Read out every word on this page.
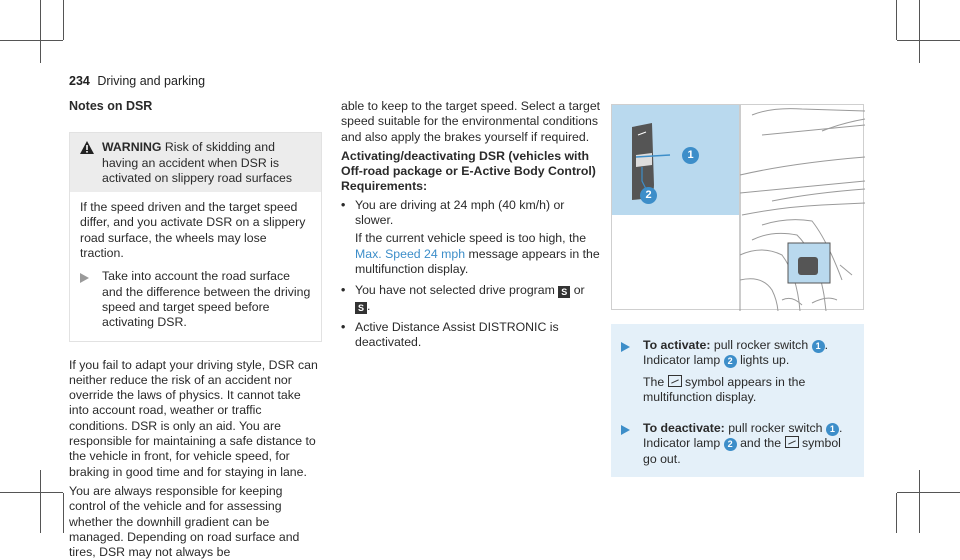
234 Driving and parking
Notes on DSR
WARNING Risk of skidding and having an accident when DSR is activated on slippery road surfaces

If the speed driven and the target speed differ, and you activate DSR on a slippery road surface, the wheels may lose traction.

Take into account the road surface and the difference between the driving speed and target speed before activating DSR.

If you fail to adapt your driving style, DSR can neither reduce the risk of an accident nor override the laws of physics. It cannot take into account road, weather or traffic conditions. DSR is only an aid. You are responsible for maintaining a safe distance to the vehicle in front, for vehicle speed, for braking in good time and for staying in lane.

You are always responsible for keeping control of the vehicle and for assessing whether the downhill gradient can be managed. Depending on road surface and tires, DSR may not always be

able to keep to the target speed. Select a target speed suitable for the environmental conditions and also apply the brakes yourself if required.

Activating/deactivating DSR (vehicles with Off-road package or E-Active Body Control)

Requirements:

• You are driving at 24 mph (40 km/h) or slower.

If the current vehicle speed is too high, the Max. Speed 24 mph message appears in the multifunction display.

• You have not selected drive program S or
S .

• Active Distance Assist DISTRONIC is deactivated.

1
2

To activate: pull rocker switch 1 .
Indicator lamp 2 lights up.

The symbol appears in the multifunction display.

To deactivate: pull rocker switch 1 .
Indicator lamp 2 and the symbol go out.
